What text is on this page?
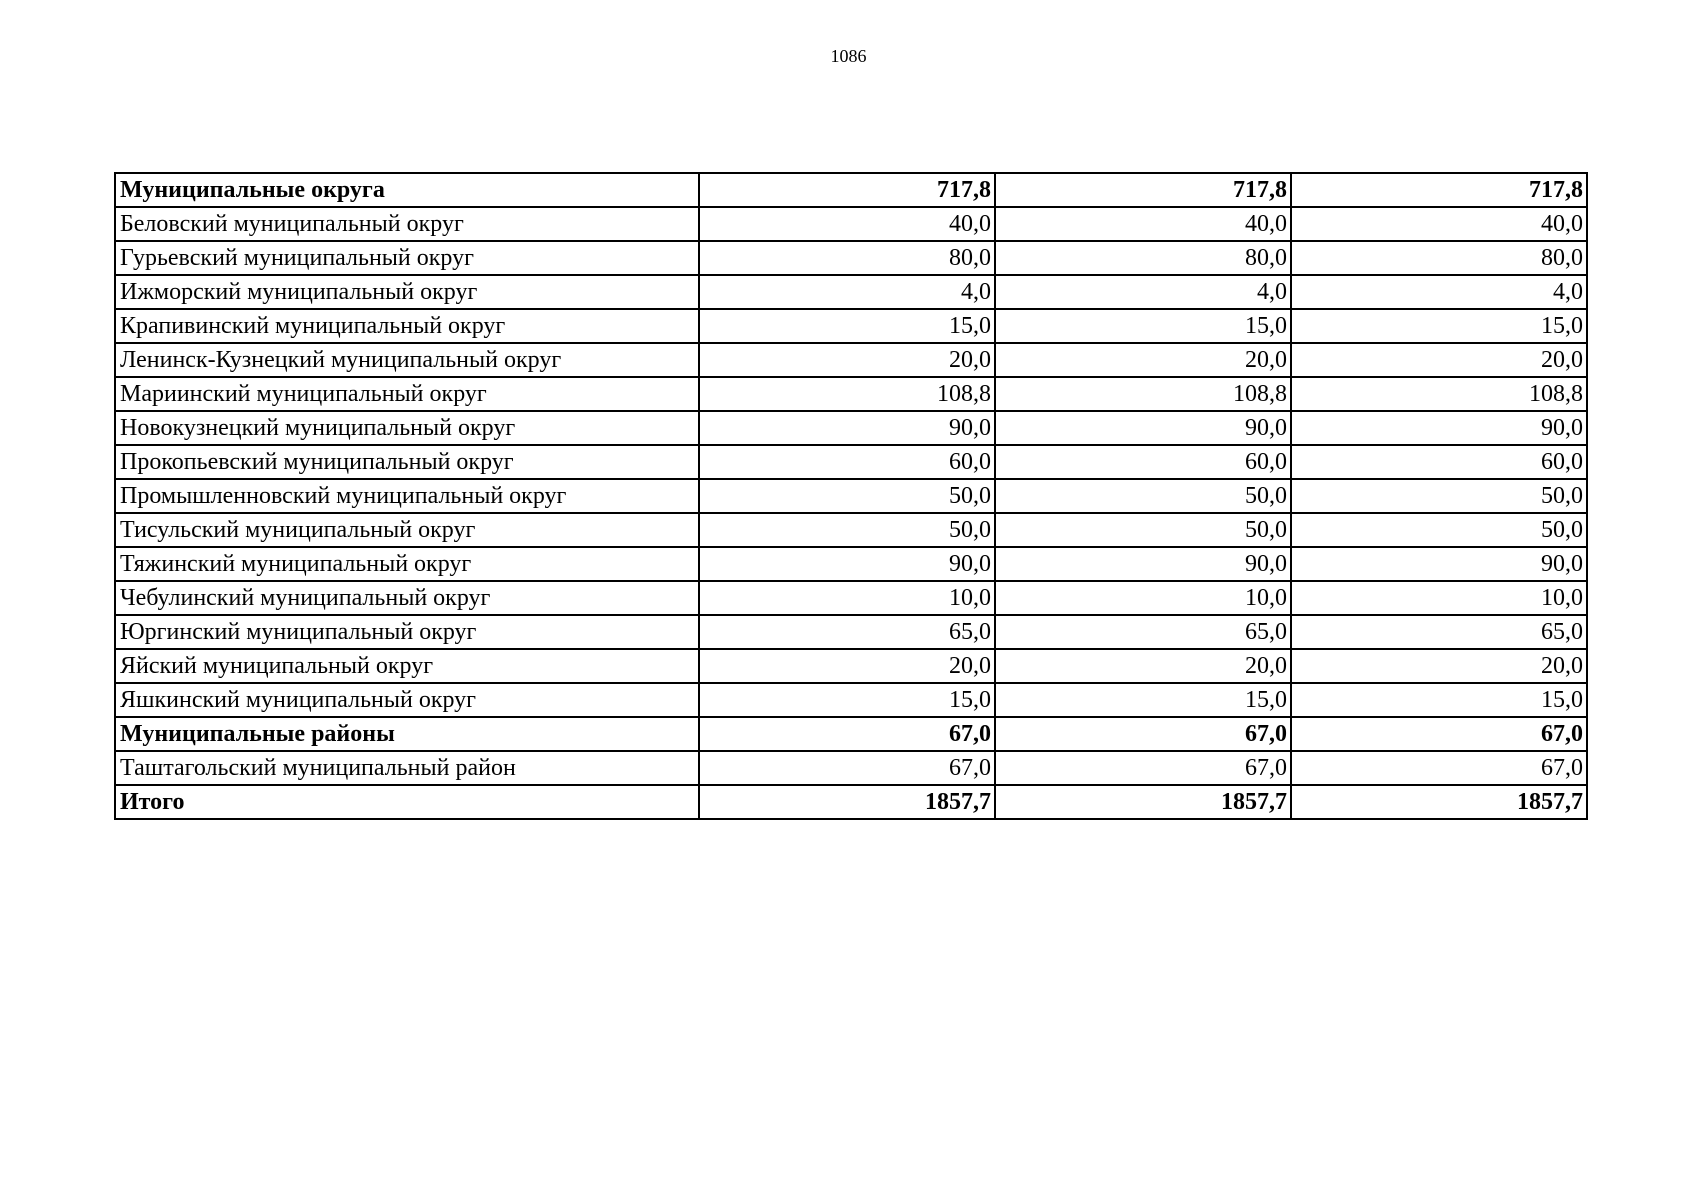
1086
Муниципальные округа	717,8	717,8	717,8
Беловский муниципальный округ	40,0	40,0	40,0
Гурьевский муниципальный округ	80,0	80,0	80,0
Ижморский муниципальный округ	4,0	4,0	4,0
Крапивинский муниципальный округ	15,0	15,0	15,0
Ленинск-Кузнецкий муниципальный округ	20,0	20,0	20,0
Мариинский муниципальный округ	108,8	108,8	108,8
Новокузнецкий муниципальный округ	90,0	90,0	90,0
Прокопьевский муниципальный округ	60,0	60,0	60,0
Промышленновский муниципальный округ	50,0	50,0	50,0
Тисульский муниципальный округ	50,0	50,0	50,0
Тяжинский муниципальный округ	90,0	90,0	90,0
Чебулинский муниципальный округ	10,0	10,0	10,0
Юргинский муниципальный округ	65,0	65,0	65,0
Яйский муниципальный округ	20,0	20,0	20,0
Яшкинский муниципальный округ	15,0	15,0	15,0
Муниципальные районы	67,0	67,0	67,0
Таштагольский муниципальный район	67,0	67,0	67,0
Итого	1857,7	1857,7	1857,7
